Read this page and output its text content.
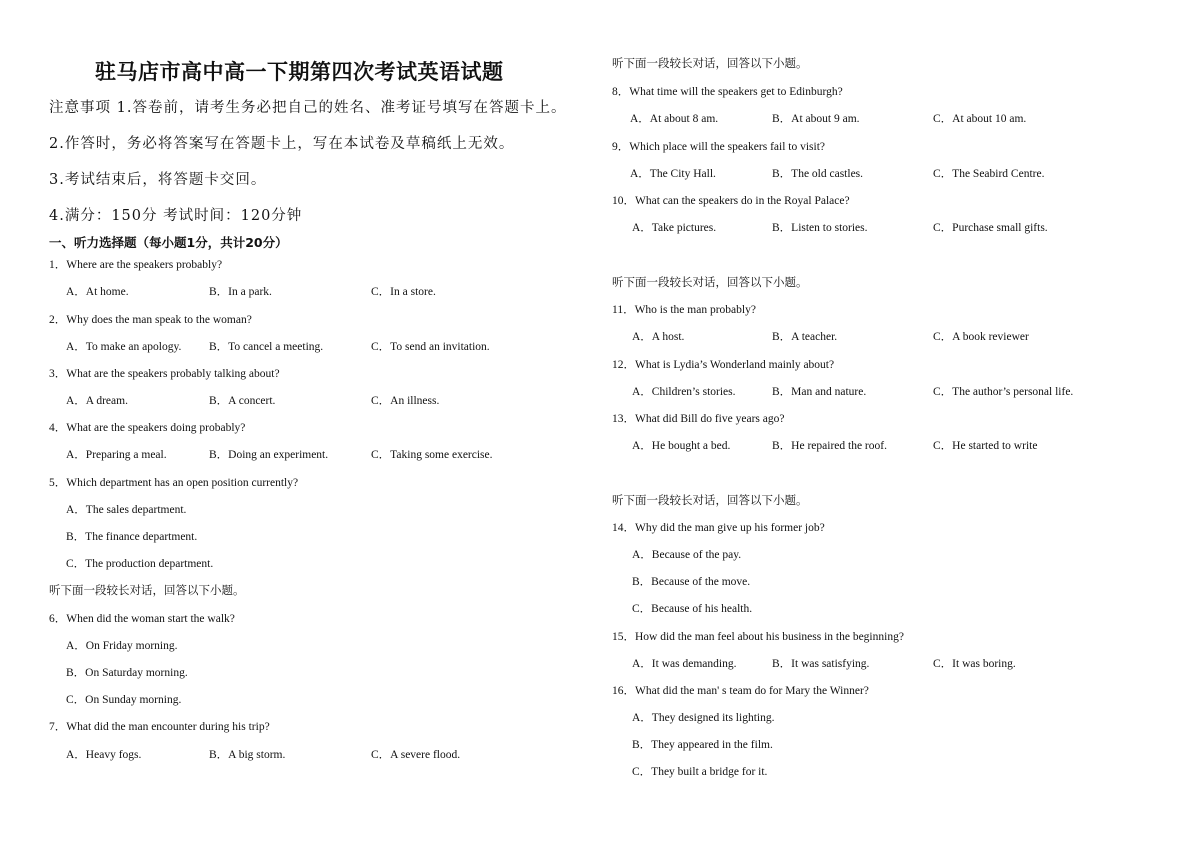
驻马店市高中高一下期第四次考试英语试题
注意事项 1.答卷前，请考生务必把自己的姓名、准考证号填写在答题卡上。
2.作答时，务必将答案写在答题卡上，写在本试卷及草稿纸上无效。
3.考试结束后，将答题卡交回。
4.满分：150分 考试时间：120分钟
一、听力选择题（每小题1分，共计20分）
1．Where are the speakers probably?
A．At home.	B．In a park.	C．In a store.
2．Why does the man speak to the woman?
A．To make an apology. B．To cancel a meeting.	C．To send an invitation.
3．What are the speakers probably talking about?
A．A dream.	B．A concert.	C．An illness.
4．What are the speakers doing probably?
A．Preparing a meal.	B．Doing an experiment.	C．Taking some exercise.
5．Which department has an open position currently?
A．The sales department.
B．The finance department.
C．The production department.
听下面一段较长对话，回答以下小题。
6．When did the woman start the walk?
A．On Friday morning.
B．On Saturday morning.
C．On Sunday morning.
7．What did the man encounter during his trip?
A．Heavy fogs.	B．A big storm.	C．A severe flood.
听下面一段较长对话，回答以下小题。
8．What time will the speakers get to Edinburgh?
A．At about 8 am.	B．At about 9 am.	C．At about 10 am.
9．Which place will the speakers fail to visit?
A．The City Hall.	B．The old castles.	C．The Seabird Centre.
10．What can the speakers do in the Royal Palace?
A．Take pictures.	B．Listen to stories.	C．Purchase small gifts.
听下面一段较长对话，回答以下小题。
11．Who is the man probably?
A．A host.	B．A teacher.	C．A book reviewer
12．What is Lydia’s Wonderland mainly about?
A．Children’s stories.	B．Man and nature.	C．The author’s personal life.
13．What did Bill do five years ago?
A．He bought a bed.	B．He repaired the roof.	C．He started to write
听下面一段较长对话，回答以下小题。
14．Why did the man give up his former job?
A．Because of the pay.
B．Because of the move.
C．Because of his health.
15．How did the man feel about his business in the beginning?
A．It was demanding.	B．It was satisfying.	C．It was boring.
16．What did the man' s team do for Mary the Winner?
A．They designed its lighting.
B．They appeared in the film.
C．They built a bridge for it.
